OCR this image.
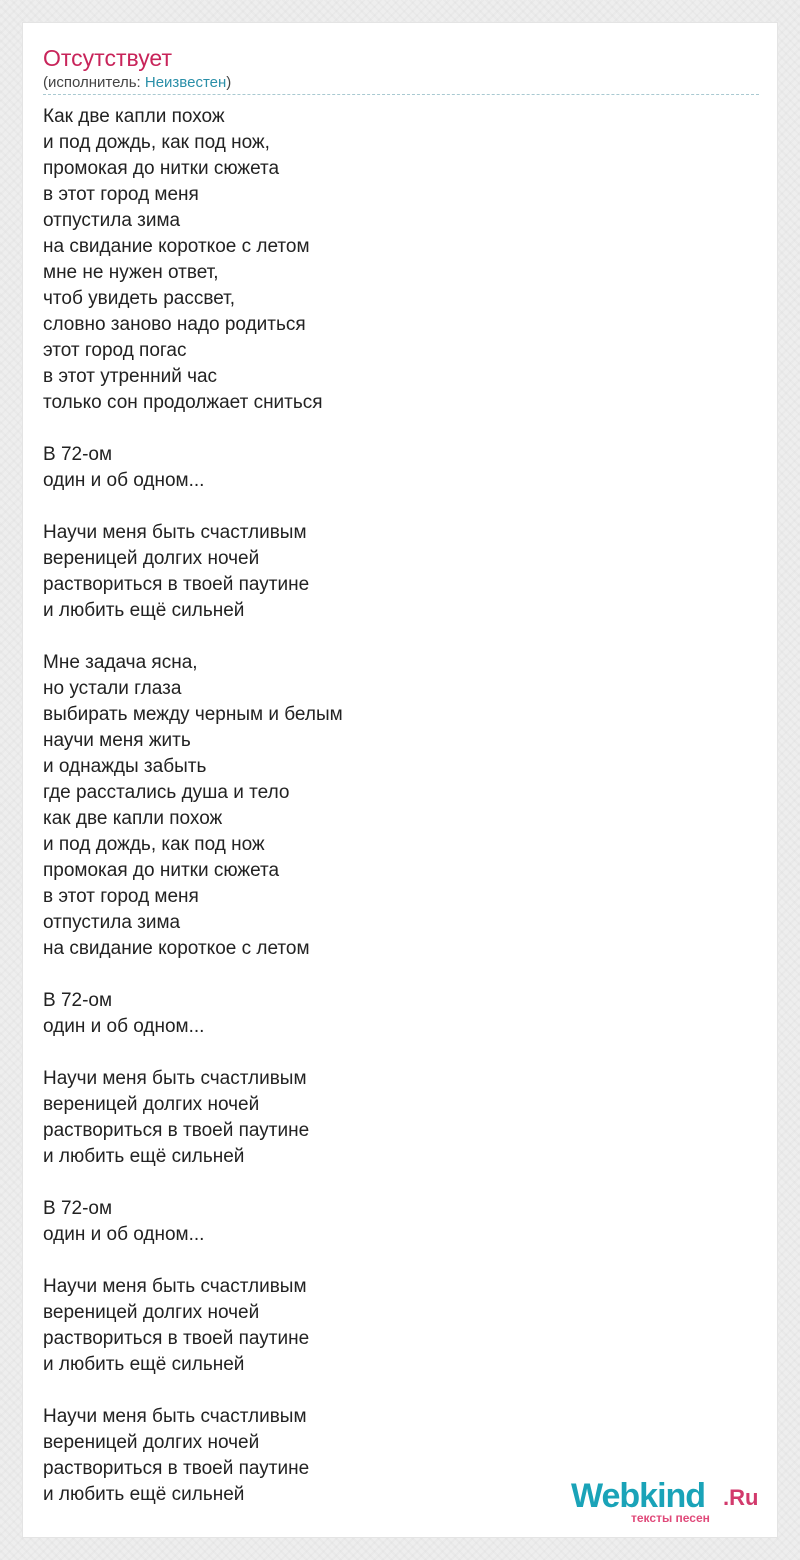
Отсутствует
(исполнитель: Неизвестен)
Как две капли похож
и под дождь, как под нож,
промокая до нитки сюжета
в этот город меня
отпустила зима
на свидание короткое с летом
мне не нужен ответ,
чтоб увидеть рассвет,
словно заново надо родиться
этот город погас
в этот утренний час
только сон продолжает сниться

В 72-ом
один и об одном...

Научи меня быть счастливым
вереницей долгих ночей
раствориться в твоей паутине
и любить ещё сильней

Мне задача ясна,
но устали глаза
выбирать между черным и белым
научи меня жить
и однажды забыть
где расстались душа и тело
как две капли похож
и под дождь, как под нож
промокая до нитки сюжета
в этот город меня
отпустила зима
на свидание короткое с летом

В 72-ом
один и об одном...

Научи меня быть счастливым
вереницей долгих ночей
раствориться в твоей паутине
и любить ещё сильней

В 72-ом
один и об одном...

Научи меня быть счастливым
вереницей долгих ночей
раствориться в твоей паутине
и любить ещё сильней

Научи меня быть счастливым
вереницей долгих ночей
раствориться в твоей паутине
и любить ещё сильней	Webkind .Ru
тексты песен
